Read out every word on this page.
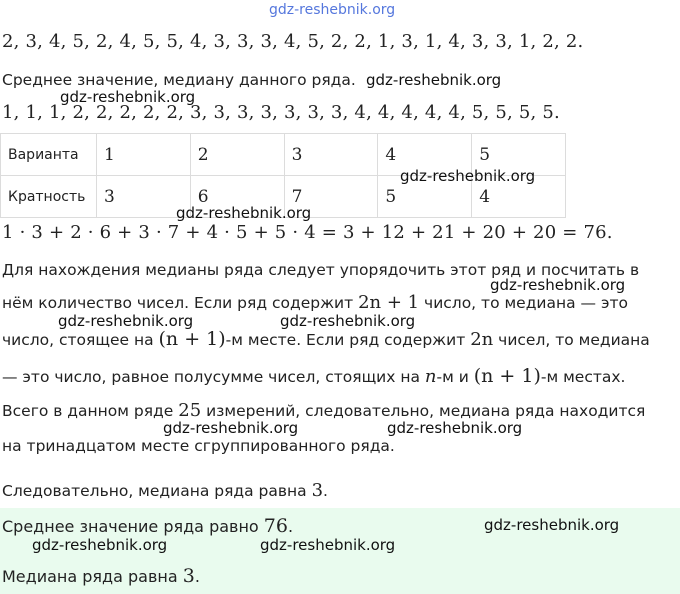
gdz-reshebnik.org
2, 3, 4, 5, 2, 4, 5, 5, 4, 3, 3, 3, 4, 5, 2, 2, 1, 3, 1, 4, 3, 3, 1, 2, 2.
Среднее значение, медиану данного ряда. gdz-reshebnik.org
gdz-reshebnik.org
1, 1, 1, 2, 2, 2, 2, 2, 3, 3, 3, 3, 3, 3, 3, 4, 4, 4, 4, 4, 5, 5, 5, 5.
Варианта	1	2	3	4	5
Кратность	3	6	7	5	4
gdz-reshebnik.org
gdz-reshebnik.org
1 · 3 + 2 · 6 + 3 · 7 + 4 · 5 + 5 · 4 = 3 + 12 + 21 + 20 + 20 = 76.
Для нахождения медианы ряда следует упорядочить этот ряд и посчитать в
gdz-reshebnik.org
нём количество чисел. Если ряд содержит 2n + 1 число, то медиана — это
gdz-reshebnik.org	gdz-reshebnik.org
число, стоящее на (n + 1)-м месте. Если ряд содержит 2n чисел, то медиана
— это число, равное полусумме чисел, стоящих на n-м и (n + 1)-м местах.
Всего в данном ряде 25 измерений, следовательно, медиана ряда находится
gdz-reshebnik.org	gdz-reshebnik.org
на тринадцатом месте сгруппированного ряда.
Следовательно, медиана ряда равна 3.
Среднее значение ряда равно 76.	gdz-reshebnik.org
gdz-reshebnik.org	gdz-reshebnik.org
Медиана ряда равна 3.
